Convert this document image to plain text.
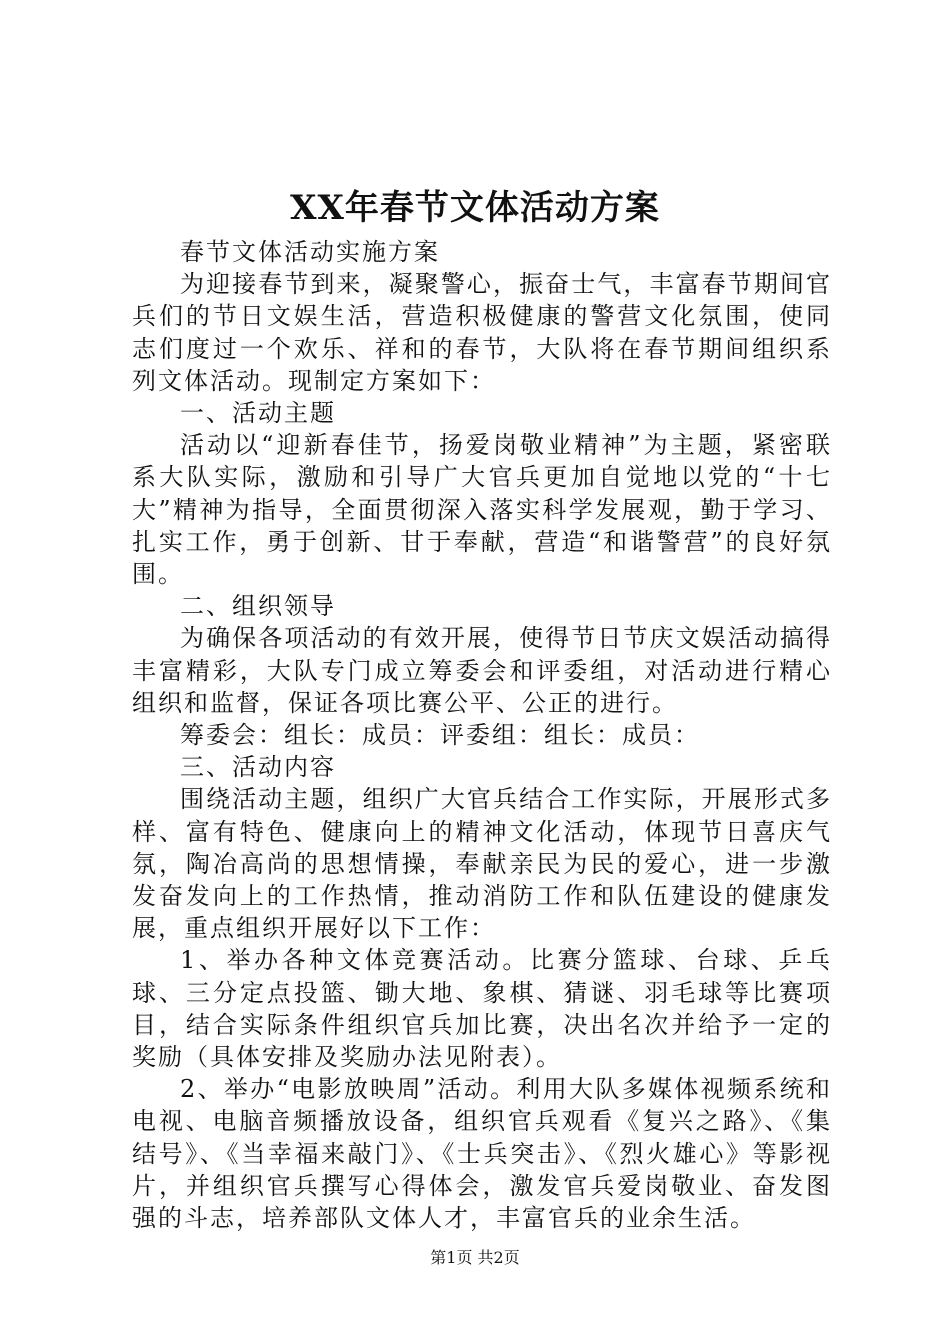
XX年春节文体活动方案

春节文体活动实施方案

为迎接春节到来，凝聚警心，振奋士气，丰富春节期间官兵们的节日文娱生活，营造积极健康的警营文化氛围，使同志们度过一个欢乐、祥和的春节，大队将在春节期间组织系列文体活动。现制定方案如下：

一、活动主题

活动以“迎新春佳节，扬爱岗敬业精神”为主题，紧密联系大队实际，激励和引导广大官兵更加自觉地以党的“十七大”精神为指导，全面贯彻深入落实科学发展观，勤于学习、扎实工作，勇于创新、甘于奉献，营造“和谐警营”的良好氛围。

二、组织领导

为确保各项活动的有效开展，使得节日节庆文娱活动搞得丰富精彩，大队专门成立筹委会和评委组，对活动进行精心组织和监督，保证各项比赛公平、公正的进行。

筹委会：组长：成员：评委组：组长：成员：

三、活动内容

围绕活动主题，组织广大官兵结合工作实际，开展形式多样、富有特色、健康向上的精神文化活动，体现节日喜庆气氛，陶冶高尚的思想情操，奉献亲民为民的爱心，进一步激发奋发向上的工作热情，推动消防工作和队伍建设的健康发展，重点组织开展好以下工作：

1、举办各种文体竞赛活动。比赛分篮球、台球、乒乓球、三分定点投篮、锄大地、象棋、猜谜、羽毛球等比赛项目，结合实际条件组织官兵加比赛，决出名次并给予一定的奖励（具体安排及奖励办法见附表）。

2、举办“电影放映周”活动。利用大队多媒体视频系统和电视、电脑音频播放设备，组织官兵观看《复兴之路》、《集结号》、《当幸福来敲门》、《士兵突击》、《烈火雄心》等影视片，并组织官兵撰写心得体会，激发官兵爱岗敬业、奋发图强的斗志，培养部队文体人才，丰富官兵的业余生活。

第1页 共2页
